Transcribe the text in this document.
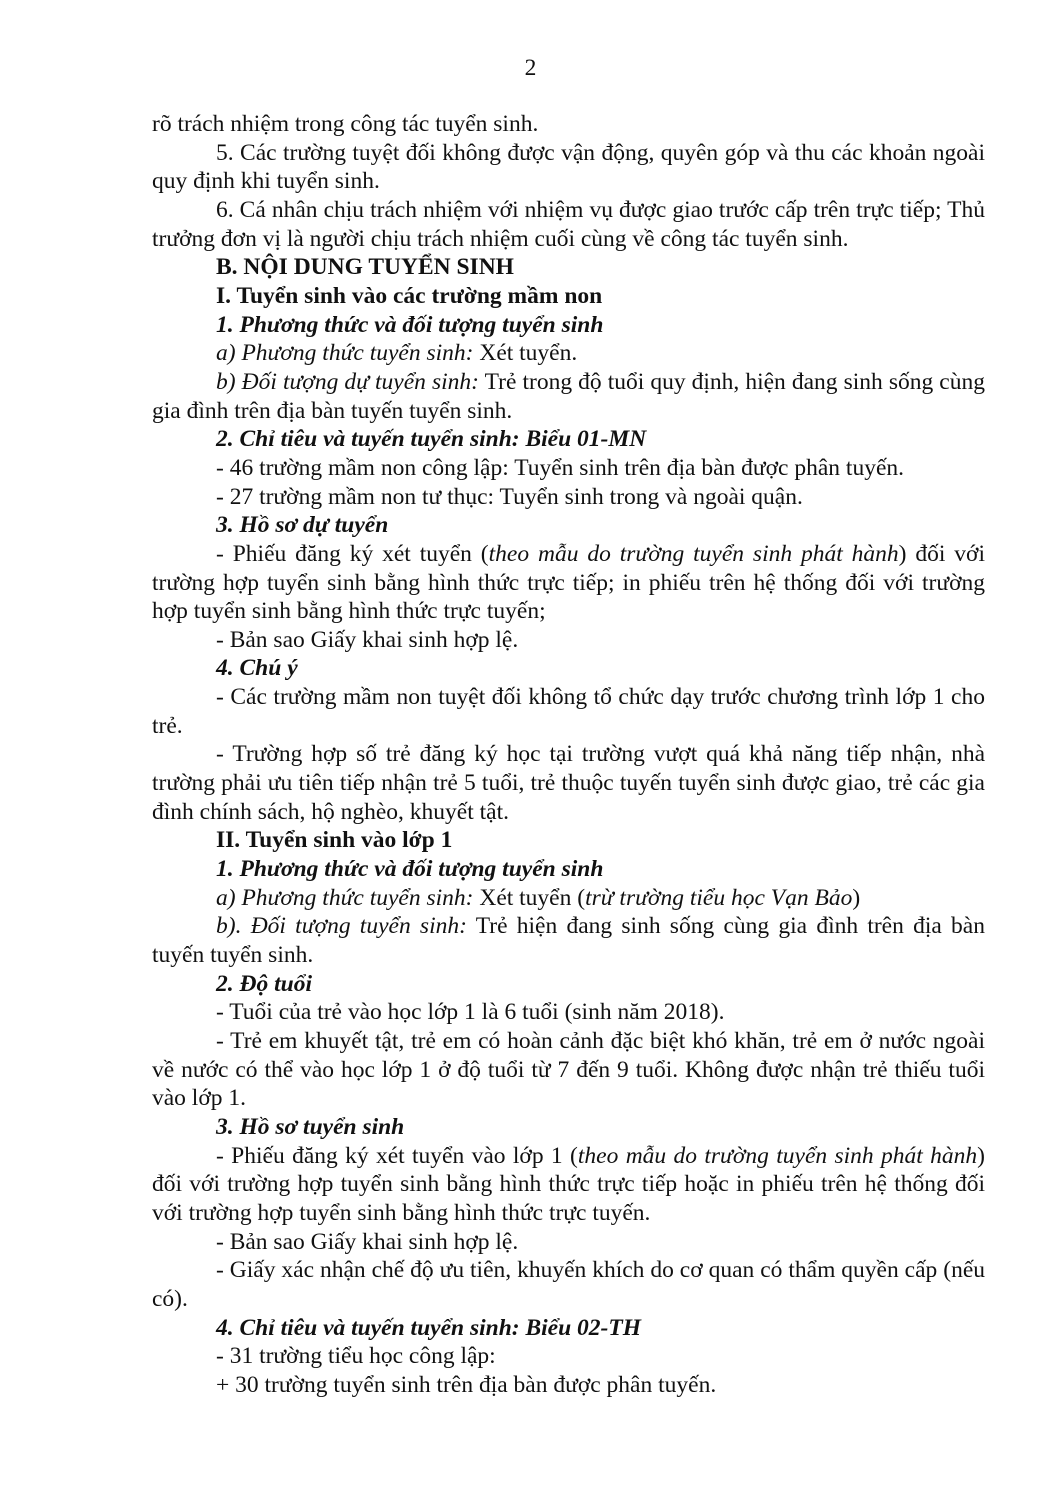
2

rõ trách nhiệm trong công tác tuyển sinh.

5. Các trường tuyệt đối không được vận động, quyên góp và thu các khoản ngoài quy định khi tuyển sinh.

6. Cá nhân chịu trách nhiệm với nhiệm vụ được giao trước cấp trên trực tiếp; Thủ trưởng đơn vị là người chịu trách nhiệm cuối cùng về công tác tuyển sinh.

B. NỘI DUNG TUYỂN SINH

I. Tuyển sinh vào các trường mầm non

1. Phương thức và đối tượng tuyển sinh

a) Phương thức tuyển sinh: Xét tuyển.

b) Đối tượng dự tuyển sinh: Trẻ trong độ tuổi quy định, hiện đang sinh sống cùng gia đình trên địa bàn tuyến tuyển sinh.

2. Chỉ tiêu và tuyến tuyển sinh: Biểu 01-MN

- 46 trường mầm non công lập: Tuyển sinh trên địa bàn được phân tuyến.

- 27 trường mầm non tư thục: Tuyển sinh trong và ngoài quận.

3. Hồ sơ dự tuyển

- Phiếu đăng ký xét tuyển (theo mẫu do trường tuyển sinh phát hành) đối với trường hợp tuyển sinh bằng hình thức trực tiếp; in phiếu trên hệ thống đối với trường hợp tuyển sinh bằng hình thức trực tuyến;

- Bản sao Giấy khai sinh hợp lệ.

4. Chú ý

- Các trường mầm non tuyệt đối không tổ chức dạy trước chương trình lớp 1 cho trẻ.

- Trường hợp số trẻ đăng ký học tại trường vượt quá khả năng tiếp nhận, nhà trường phải ưu tiên tiếp nhận trẻ 5 tuổi, trẻ thuộc tuyến tuyển sinh được giao, trẻ các gia đình chính sách, hộ nghèo, khuyết tật.

II. Tuyển sinh vào lớp 1

1. Phương thức và đối tượng tuyển sinh

a) Phương thức tuyển sinh: Xét tuyển (trừ trường tiểu học Vạn Bảo)

b). Đối tượng tuyển sinh: Trẻ hiện đang sinh sống cùng gia đình trên địa bàn tuyến tuyển sinh.

2. Độ tuổi

- Tuổi của trẻ vào học lớp 1 là 6 tuổi (sinh năm 2018).

- Trẻ em khuyết tật, trẻ em có hoàn cảnh đặc biệt khó khăn, trẻ em ở nước ngoài về nước có thể vào học lớp 1 ở độ tuổi từ 7 đến 9 tuổi. Không được nhận trẻ thiếu tuổi vào lớp 1.

3. Hồ sơ tuyển sinh

- Phiếu đăng ký xét tuyển vào lớp 1 (theo mẫu do trường tuyển sinh phát hành) đối với trường hợp tuyển sinh bằng hình thức trực tiếp hoặc in phiếu trên hệ thống đối với trường hợp tuyển sinh bằng hình thức trực tuyến.

- Bản sao Giấy khai sinh hợp lệ.

- Giấy xác nhận chế độ ưu tiên, khuyến khích do cơ quan có thẩm quyền cấp (nếu có).

4. Chỉ tiêu và tuyến tuyển sinh: Biểu 02-TH

- 31 trường tiểu học công lập:

+ 30 trường tuyển sinh trên địa bàn được phân tuyến.
